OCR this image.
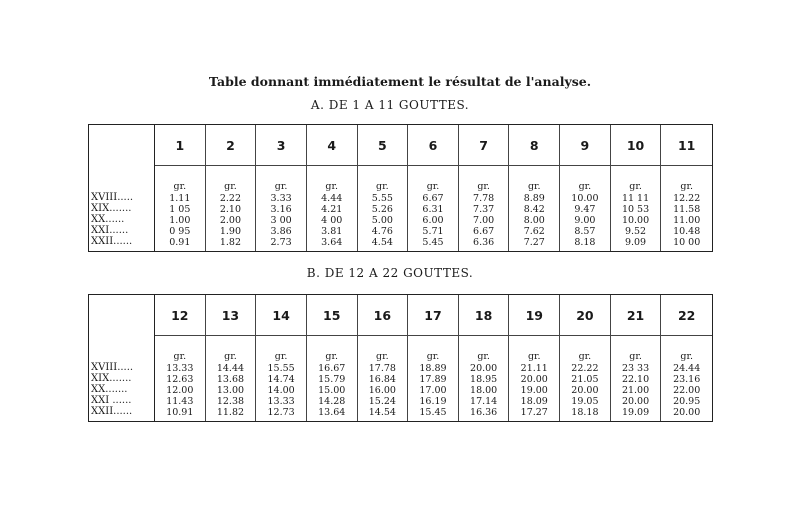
Table donnant immédiatement le résultat de l'analyse.
A. DE 1 A 11 GOUTTES.
XVIII.....
XIX.......
XX......
XXI......
XXII......
1
gr.
1.11
1 05
1.00
0 95
0.91
2
gr.
2.22
2.10
2.00
1.90
1.82
3
gr.
3.33
3.16
3 00
3.86
2.73
4
gr.
4.44
4.21
4 00
3.81
3.64
5
gr.
5.55
5.26
5.00
4.76
4.54
6
gr.
6.67
6.31
6.00
5.71
5.45
7
gr.
7.78
7.37
7.00
6.67
6.36
8
gr.
8.89
8.42
8.00
7.62
7.27
9
gr.
10.00
9.47
9.00
8.57
8.18
10
gr.
11 11
10 53
10.00
9.52
9.09
11
gr.
12.22
11.58
11.00
10.48
10 00
B. DE 12 A 22 GOUTTES.
XVIII.....
XIX.......
XX.......
XXI ......
XXII......
12
gr.
13.33
12.63
12.00
11.43
10.91
13
gr.
14.44
13.68
13.00
12.38
11.82
14
gr.
15.55
14.74
14.00
13.33
12.73
15
gr.
16.67
15.79
15.00
14.28
13.64
16
gr.
17.78
16.84
16.00
15.24
14.54
17
gr.
18.89
17.89
17.00
16.19
15.45
18
gr.
20.00
18.95
18.00
17.14
16.36
19
gr.
21.11
20.00
19.00
18.09
17.27
20
gr.
22.22
21.05
20.00
19.05
18.18
21
gr.
23 33
22.10
21.00
20.00
19.09
22
gr.
24.44
23.16
22.00
20.95
20.00
